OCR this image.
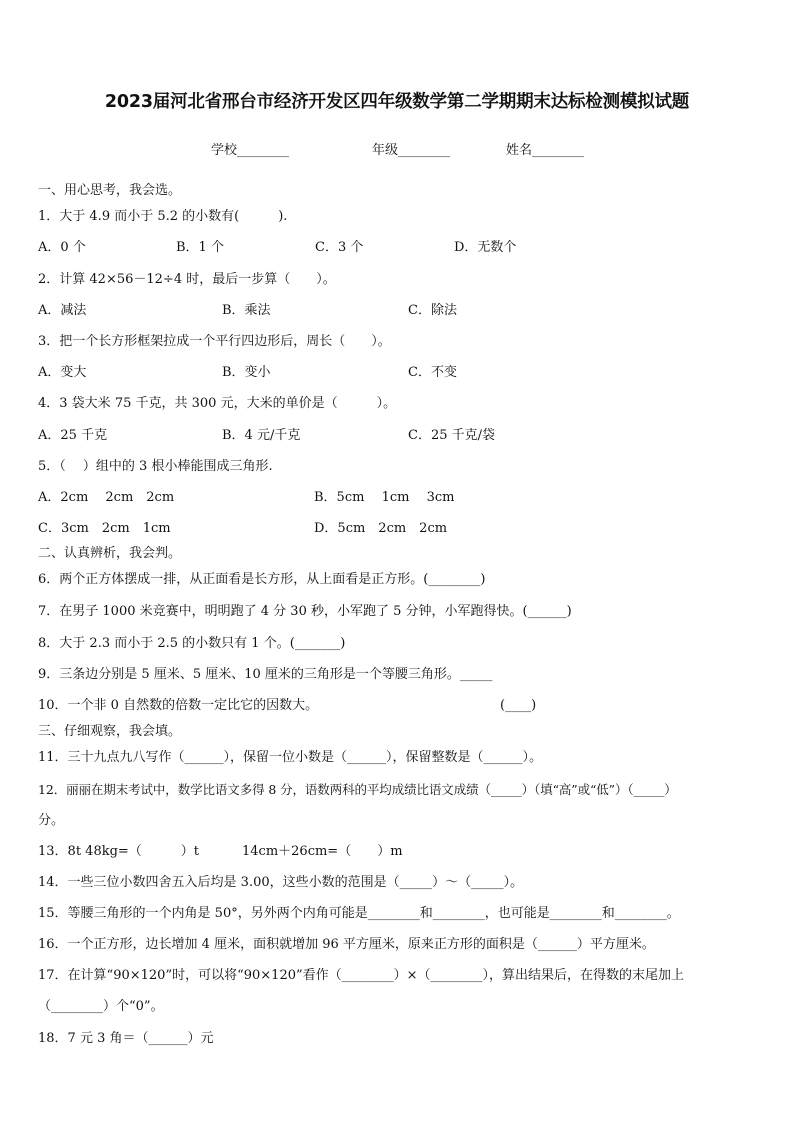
2023届河北省邢台市经济开发区四年级数学第二学期期末达标检测模拟试题
学校________	年级________	姓名________
一、用心思考，我会选。
1．大于 4.9 而小于 5.2 的小数有(　　　).
A．0 个	B．1 个	C．3 个	D．无数个
2．计算 42×56－12÷4 时，最后一步算（　　）。
A．减法	B．乘法	C．除法
3．把一个长方形框架拉成一个平行四边形后，周长（　　）。
A．变大	B．变小	C．不变
4．3 袋大米 75 千克，共 300 元，大米的单价是（　　　）。
A．25 千克	B．4 元/千克	C．25 千克/袋
5．（　 ）组中的 3 根小棒能围成三角形.
A．2cm　 2cm　2cm	B．5cm　 1cm　 3cm
C．3cm　2cm　1cm	D．5cm　2cm　2cm
二、认真辨析，我会判。
6．两个正方体摆成一排，从正面看是长方形，从上面看是正方形。(________)
7．在男子 1000 米竞赛中，明明跑了 4 分 30 秒，小军跑了 5 分钟，小军跑得快。(______)
8．大于 2.3 而小于 2.5 的小数只有 1 个。(_______)
9．三条边分别是 5 厘米、5 厘米、10 厘米的三角形是一个等腰三角形。_____
10．一个非 0 自然数的倍数一定比它的因数大。	(____)
三、仔细观察，我会填。
11．三十九点九八写作（______），保留一位小数是（______），保留整数是（______）。
12．丽丽在期末考试中，数学比语文多得 8 分，语数两科的平均成绩比语文成绩（_____）（填“高”或“低”）（_____）
分。
13．8t 48kg=（　　　）t	14cm＋26cm=（　　）m
14．一些三位小数四舍五入后均是 3.00，这些小数的范围是（_____）～（_____）。
15．等腰三角形的一个内角是 50°，另外两个内角可能是________和________，也可能是________和________。
16．一个正方形，边长增加 4 厘米，面积就增加 96 平方厘米，原来正方形的面积是（______）平方厘米。
17．在计算“90×120”时，可以将“90×120”看作（________）×（________），算出结果后，在得数的末尾加上
（________）个“0”。
18．7 元 3 角＝（______）元
